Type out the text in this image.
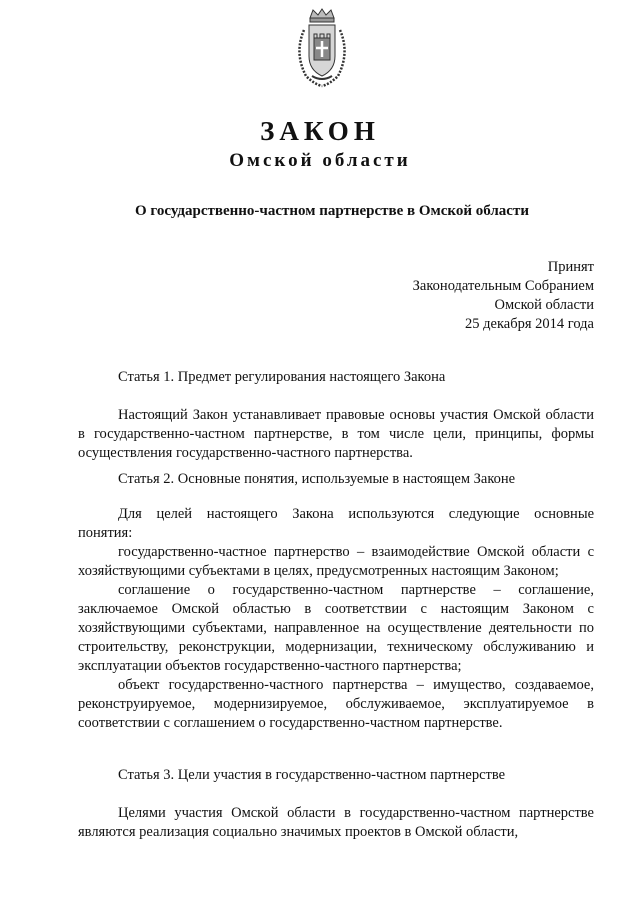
ЗАКОН
Омской области
О государственно-частном партнерстве в Омской области
Принят
Законодательным Собранием
Омской области
25 декабря 2014 года
Статья 1. Предмет регулирования настоящего Закона

Настоящий Закон устанавливает правовые основы участия Омской области в государственно-частном партнерстве, в том числе цели, принципы, формы осуществления государственно-частного партнерства.

Статья 2. Основные понятия, используемые в настоящем Законе

Для целей настоящего Закона используются следующие основные понятия:

государственно-частное партнерство – взаимодействие Омской области с хозяйствующими субъектами в целях, предусмотренных настоящим Законом;

соглашение о государственно-частном партнерстве – соглашение, заключаемое Омской областью в соответствии с настоящим Законом с хозяйствующими субъектами, направленное на осуществление деятельности по строительству, реконструкции, модернизации, техническому обслуживанию и эксплуатации объектов государственно-частного партнерства;

объект государственно-частного партнерства – имущество, создаваемое, реконструируемое, модернизируемое, обслуживаемое, эксплуатируемое в соответствии с соглашением о государственно-частном партнерстве.

Статья 3. Цели участия в государственно-частном партнерстве

Целями участия Омской области в государственно-частном партнерстве являются реализация социально значимых проектов в Омской области,
